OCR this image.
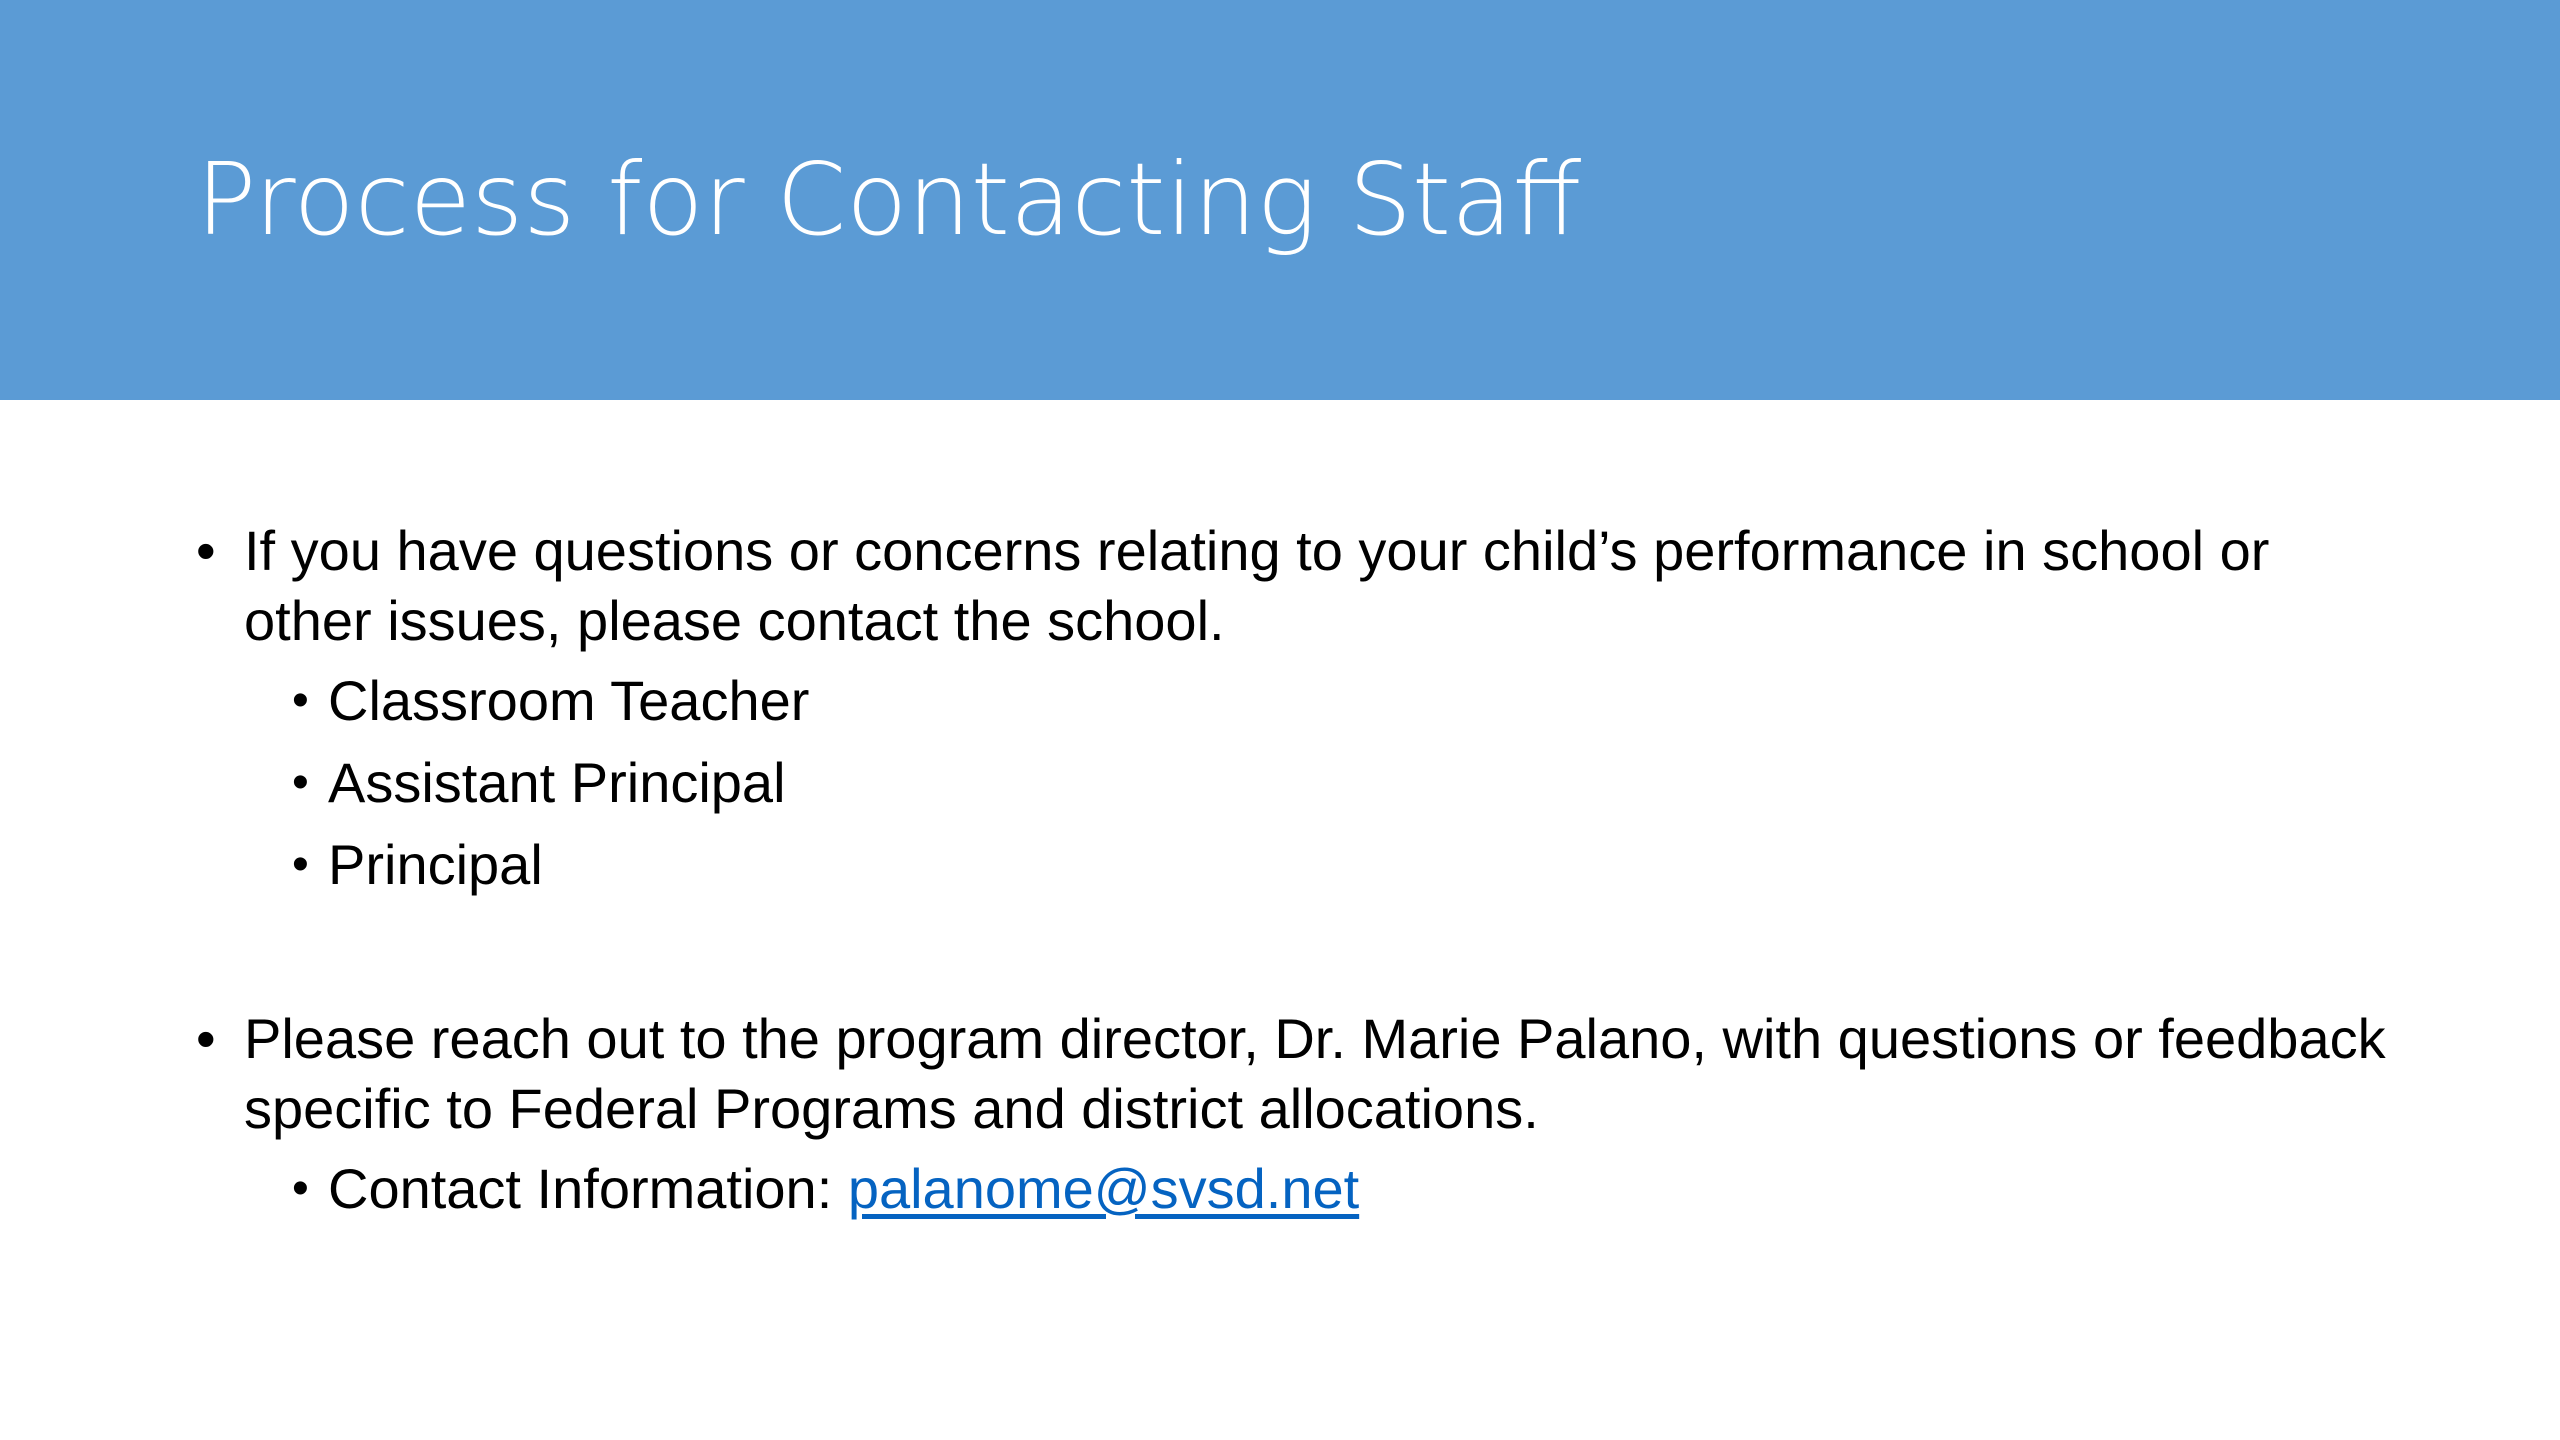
Process for Contacting Staff
• If you have questions or concerns relating to your child’s performance in school or other issues, please contact the school.
• Classroom Teacher
• Assistant Principal
• Principal
• Please reach out to the program director, Dr. Marie Palano, with questions or feedback specific to Federal Programs and district allocations.
• Contact Information: palanome@svsd.net
